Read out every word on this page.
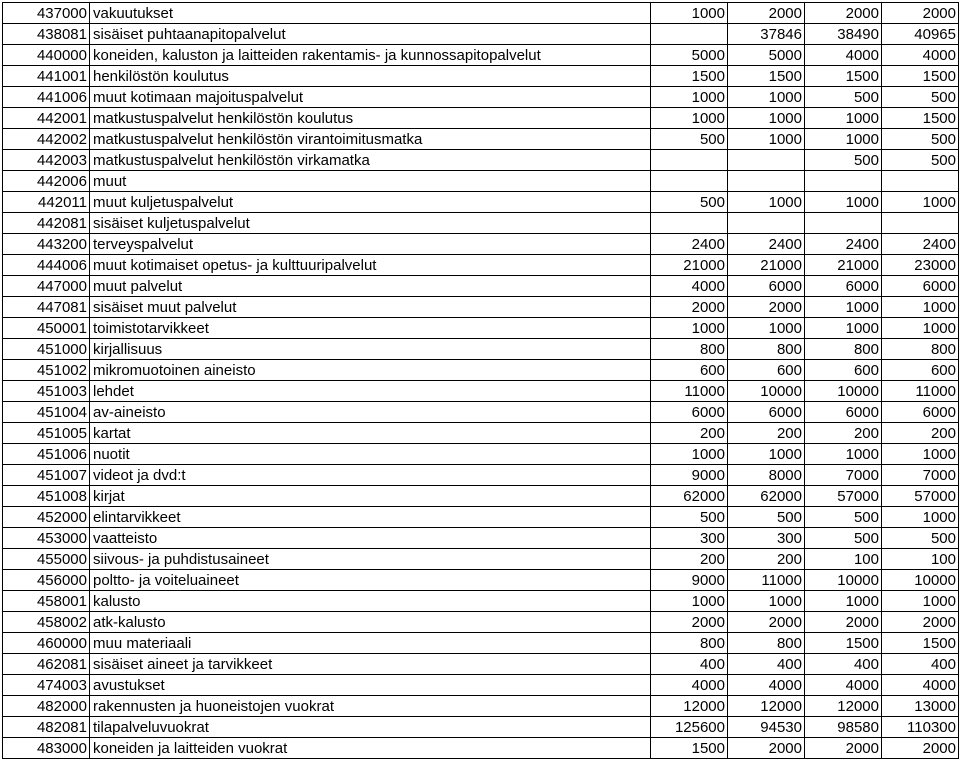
437000	vakuutukset	1000	2000	2000	2000
438081	sisäiset puhtaanapitopalvelut		37846	38490	40965
440000	koneiden, kaluston ja laitteiden rakentamis- ja kunnossapitopalvelut	5000	5000	4000	4000
441001	henkilöstön koulutus	1500	1500	1500	1500
441006	muut kotimaan majoituspalvelut	1000	1000	500	500
442001	matkustuspalvelut henkilöstön koulutus	1000	1000	1000	1500
442002	matkustuspalvelut henkilöstön virantoimitusmatka	500	1000	1000	500
442003	matkustuspalvelut henkilöstön virkamatka			500	500
442006	muut				
442011	muut kuljetuspalvelut	500	1000	1000	1000
442081	sisäiset kuljetuspalvelut				
443200	terveyspalvelut	2400	2400	2400	2400
444006	muut kotimaiset opetus- ja kulttuuripalvelut	21000	21000	21000	23000
447000	muut palvelut	4000	6000	6000	6000
447081	sisäiset muut palvelut	2000	2000	1000	1000
450001	toimistotarvikkeet	1000	1000	1000	1000
451000	kirjallisuus	800	800	800	800
451002	mikromuotoinen aineisto	600	600	600	600
451003	lehdet	11000	10000	10000	11000
451004	av-aineisto	6000	6000	6000	6000
451005	kartat	200	200	200	200
451006	nuotit	1000	1000	1000	1000
451007	videot ja dvd:t	9000	8000	7000	7000
451008	kirjat	62000	62000	57000	57000
452000	elintarvikkeet	500	500	500	1000
453000	vaatteisto	300	300	500	500
455000	siivous- ja puhdistusaineet	200	200	100	100
456000	poltto- ja voiteluaineet	9000	11000	10000	10000
458001	kalusto	1000	1000	1000	1000
458002	atk-kalusto	2000	2000	2000	2000
460000	muu materiaali	800	800	1500	1500
462081	sisäiset aineet ja tarvikkeet	400	400	400	400
474003	avustukset	4000	4000	4000	4000
482000	rakennusten ja huoneistojen vuokrat	12000	12000	12000	13000
482081	tilapalveluvuokrat	125600	94530	98580	110300
483000	koneiden ja laitteiden vuokrat	1500	2000	2000	2000
